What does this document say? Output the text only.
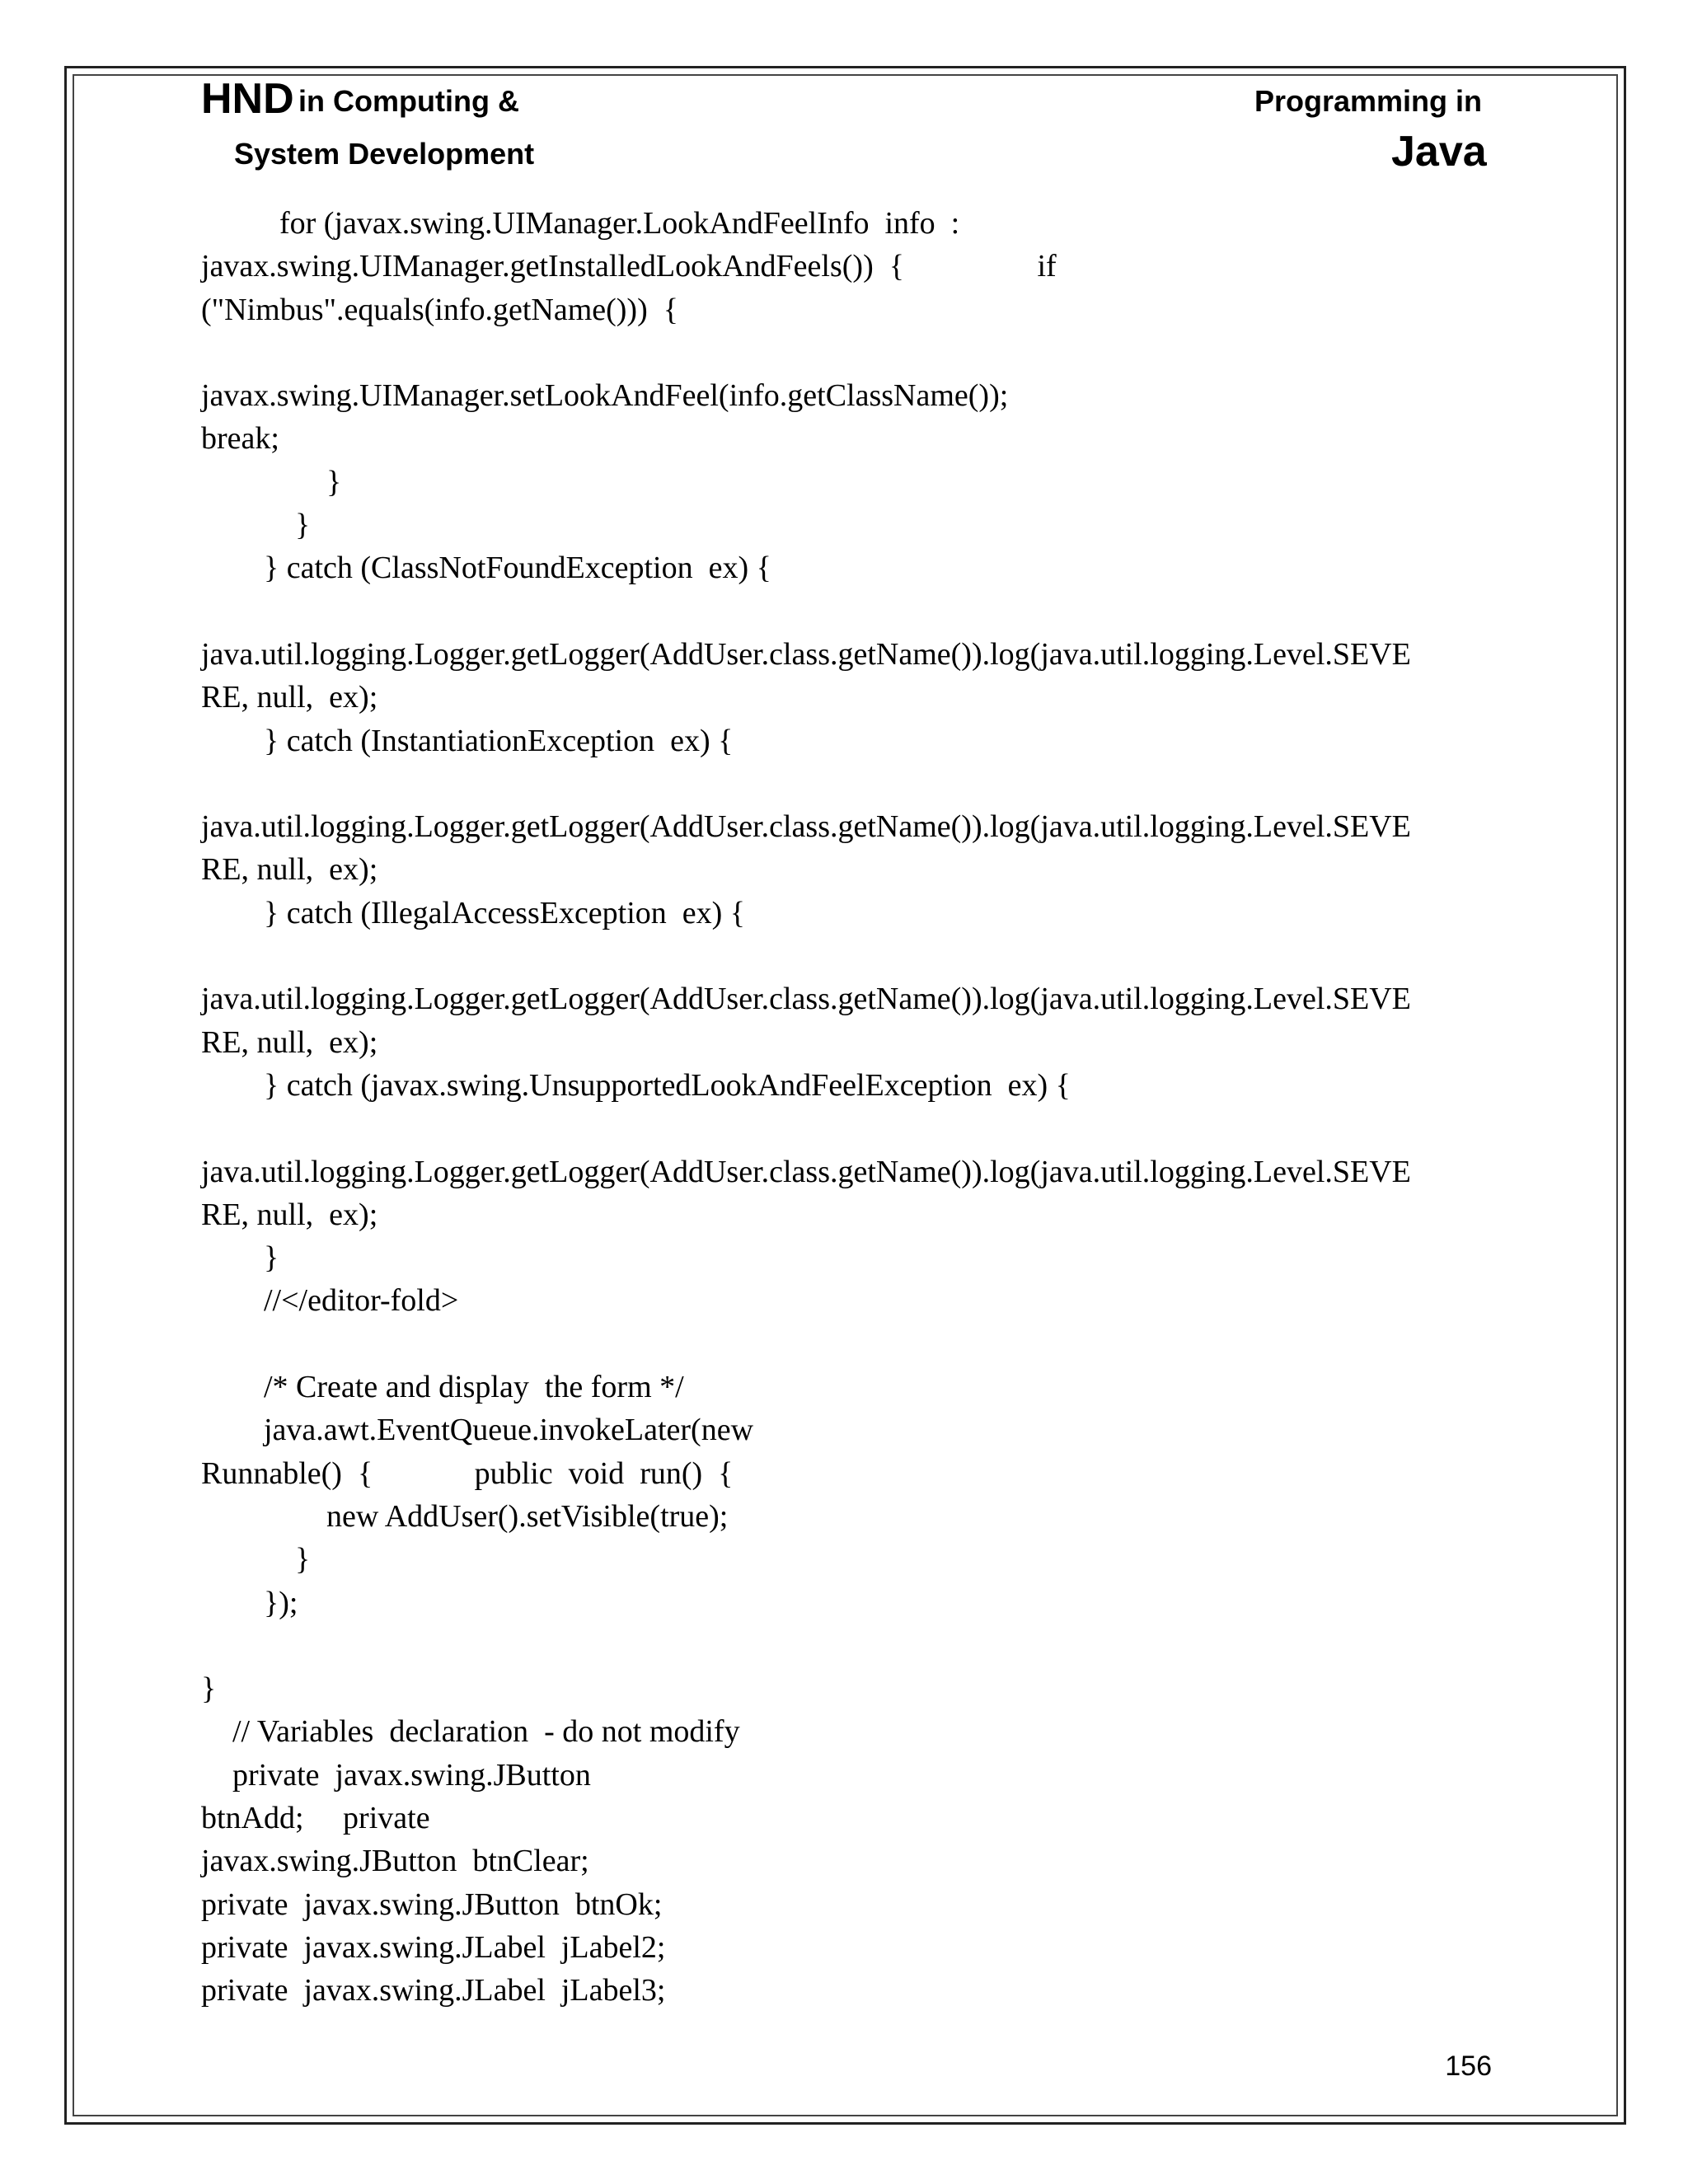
HND in Computing &
System Development
Programming in
Java
for (javax.swing.UIManager.LookAndFeelInfo  info  :
javax.swing.UIManager.getInstalledLookAndFeels())  {                 if
("Nimbus".equals(info.getName()))  {
javax.swing.UIManager.setLookAndFeel(info.getClassName());
break;
}
}
} catch (ClassNotFoundException  ex) {
java.util.logging.Logger.getLogger(AddUser.class.getName()).log(java.util.logging.Level.SEVE
RE, null,  ex);
} catch (InstantiationException  ex) {
java.util.logging.Logger.getLogger(AddUser.class.getName()).log(java.util.logging.Level.SEVE
RE, null,  ex);
} catch (IllegalAccessException  ex) {
java.util.logging.Logger.getLogger(AddUser.class.getName()).log(java.util.logging.Level.SEVE
RE, null,  ex);
} catch (javax.swing.UnsupportedLookAndFeelException  ex) {
java.util.logging.Logger.getLogger(AddUser.class.getName()).log(java.util.logging.Level.SEVE
RE, null,  ex);
}
//</editor-fold>
/* Create and display  the form */
java.awt.EventQueue.invokeLater(new
Runnable()  {             public  void  run()  {
new AddUser().setVisible(true);
}
});
}
// Variables  declaration  - do not modify
private  javax.swing.JButton
btnAdd;     private
javax.swing.JButton  btnClear;
private  javax.swing.JButton  btnOk;
private  javax.swing.JLabel  jLabel2;
private  javax.swing.JLabel  jLabel3;
156
